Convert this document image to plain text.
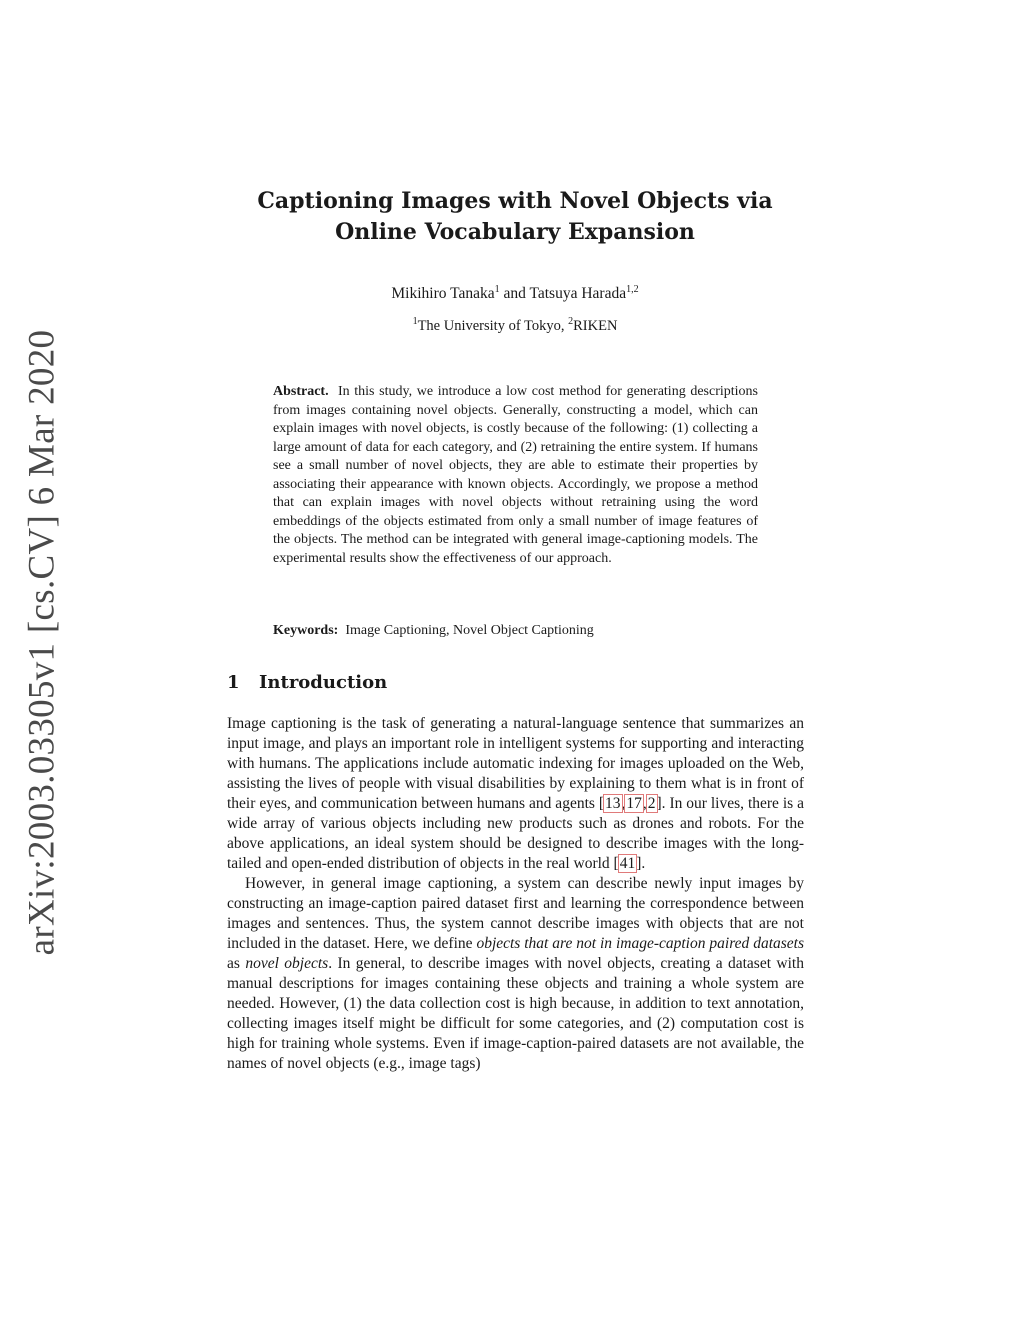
arXiv:2003.03305v1 [cs.CV] 6 Mar 2020
Captioning Images with Novel Objects via
Online Vocabulary Expansion
Mikihiro Tanaka$^1$ and Tatsuya Harada$^{1,2}$
$^1$The University of Tokyo, $^2$RIKEN
Abstract. In this study, we introduce a low cost method for generating descriptions from images containing novel objects. Generally, constructing a model, which can explain images with novel objects, is costly because of the following: (1) collecting a large amount of data for each category, and (2) retraining the entire system. If humans see a small number of novel objects, they are able to estimate their properties by associating their appearance with known objects. Accordingly, we propose a method that can explain images with novel objects without retraining using the word embeddings of the objects estimated from only a small number of image features of the objects. The method can be integrated with general image-captioning models. The experimental results show the effectiveness of our approach.
Keywords: Image Captioning, Novel Object Captioning
1 Introduction

Image captioning is the task of generating a natural-language sentence that summarizes an input image, and plays an important role in intelligent systems for supporting and interacting with humans. The applications include automatic indexing for images uploaded on the Web, assisting the lives of people with visual disabilities by explaining to them what is in front of their eyes, and communication between humans and agents [13,17,2]. In our lives, there is a wide array of various objects including new products such as drones and robots. For the above applications, an ideal system should be designed to describe images with the long-tailed and open-ended distribution of objects in the real world [41].

However, in general image captioning, a system can describe newly input images by constructing an image-caption paired dataset first and learning the correspondence between images and sentences. Thus, the system cannot describe images with objects that are not included in the dataset. Here, we define objects that are not in image-caption paired datasets as novel objects. In general, to describe images with novel objects, creating a dataset with manual descriptions for images containing these objects and training a whole system are needed. However, (1) the data collection cost is high because, in addition to text annotation, collecting images itself might be difficult for some categories, and (2) computation cost is high for training whole systems. Even if image-caption-paired datasets are not available, the names of novel objects (e.g., image tags)
